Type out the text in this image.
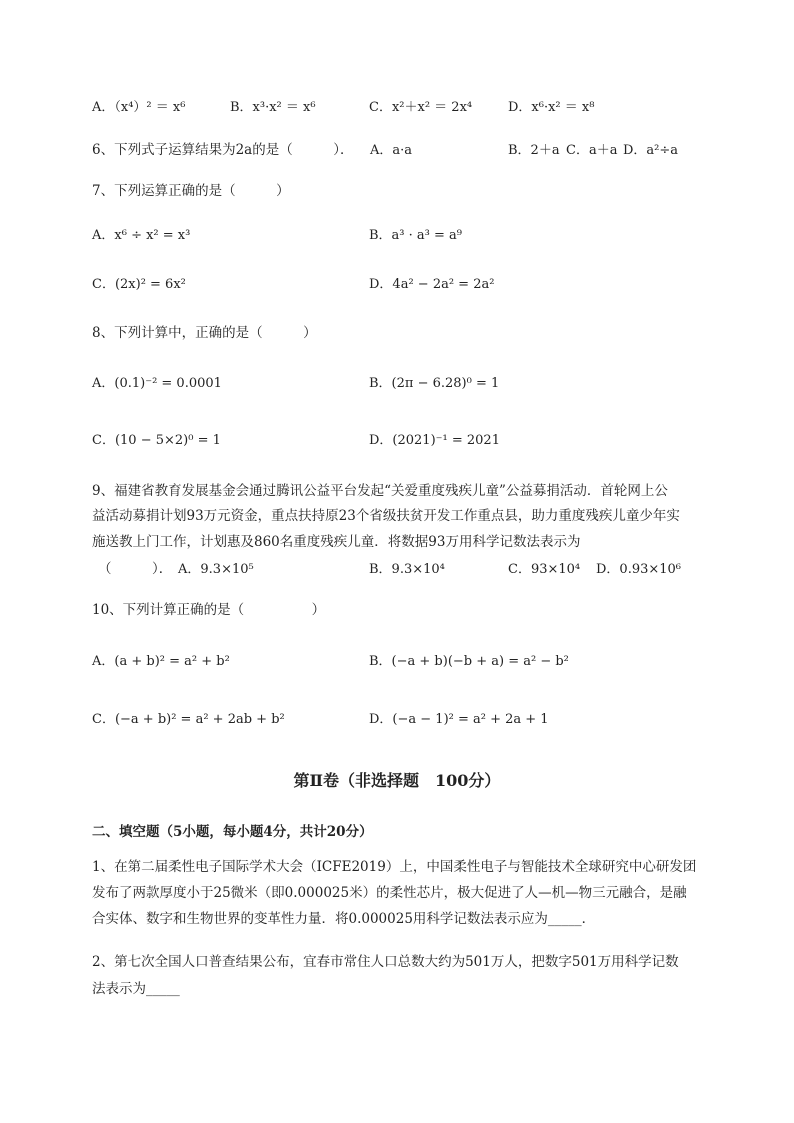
A．（x⁴）² ＝ x⁶	B．x³·x² ＝ x⁶	C．x²＋x² ＝ 2x⁴	D．x⁶·x² ＝ x⁸
6、下列式子运算结果为2a的是（　　　）． A．a·a	B．2＋a C．a＋a D．a²÷a
7、下列运算正确的是（　　　）
A．x⁶ ÷ x² = x³	B．a³ · a³ = a⁹
C．(2x)² = 6x²	D．4a² − 2a² = 2a²
8、下列计算中，正确的是（　　　）
A．(0.1)⁻² = 0.0001	B．(2π − 6.28)⁰ = 1
C．(10 − 5×2)⁰ = 1	D．(2021)⁻¹ = 2021
9、福建省教育发展基金会通过腾讯公益平台发起“关爱重度残疾儿童”公益募捐活动．首轮网上公
益活动募捐计划93万元资金，重点扶持原23个省级扶贫开发工作重点县，助力重度残疾儿童少年实
施送教上门工作，计划惠及860名重度残疾儿童．将数据93万用科学记数法表示为
（　　　）． A．9.3×10⁵	B．9.3×10⁴	C．93×10⁴ D．0.93×10⁶
10、下列计算正确的是（　　　　　）
A．(a + b)² = a² + b²	B．(−a + b)(−b + a) = a² − b²
C．(−a + b)² = a² + 2ab + b²	D．(−a − 1)² = a² + 2a + 1
第Ⅱ卷（非选择题　100分）
二、填空题（5小题，每小题4分，共计20分）
1、在第二届柔性电子国际学术大会（ICFE2019）上，中国柔性电子与智能技术全球研究中心研发团
发布了两款厚度小于25微米（即0.000025米）的柔性芯片，极大促进了人—机—物三元融合，是融
合实体、数字和生物世界的变革性力量．将0.000025用科学记数法表示应为_____．
2、第七次全国人口普查结果公布，宜春市常住人口总数大约为501万人，把数字501万用科学记数
法表示为_____
